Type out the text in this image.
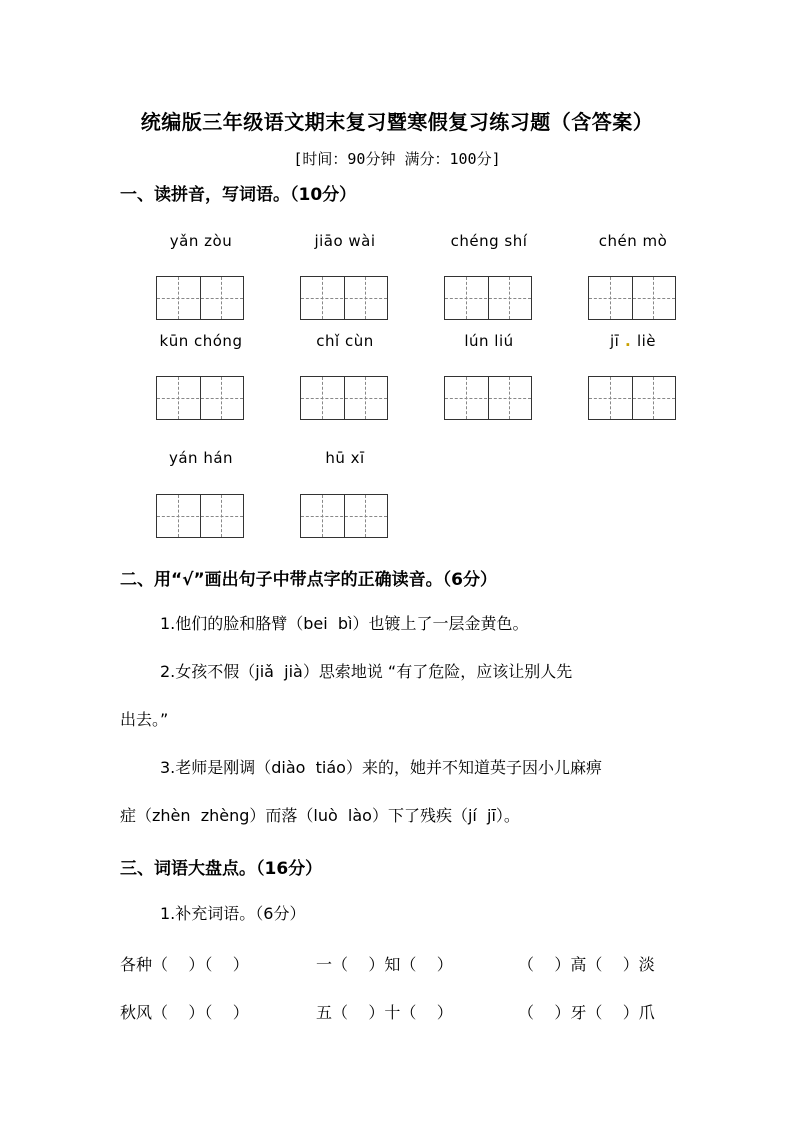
统编版三年级语文期末复习暨寒假复习练习题（含答案）
[时间：90分钟 满分：100分]
一、读拼音，写词语。（10分）
yǎn zòu	jiāo wài	chéng shí	chén mò
kūn chóng	chǐ cùn	lún liú	jī . liè
yán hán	hū xī
二、用“√”画出句子中带点字的正确读音。（6分）
1.他们的脸和胳臂（bei  bì）也镀上了一层金黄色。
2.女孩不假（jiǎ  jià）思索地说 “有了危险，应该让别人先
出去。”
3.老师是刚调（diào  tiáo）来的，她并不知道英子因小儿麻痹
症（zhèn  zhèng）而落（luò  lào）下了残疾（jí  jī）。
三、词语大盘点。（16分）
1.补充词语。（6分）
各种（    ）（    ）	一（    ）知（    ）	（    ）高（    ）淡
秋风（    ）（    ）	五（    ）十（    ）	（    ）牙（    ）爪
